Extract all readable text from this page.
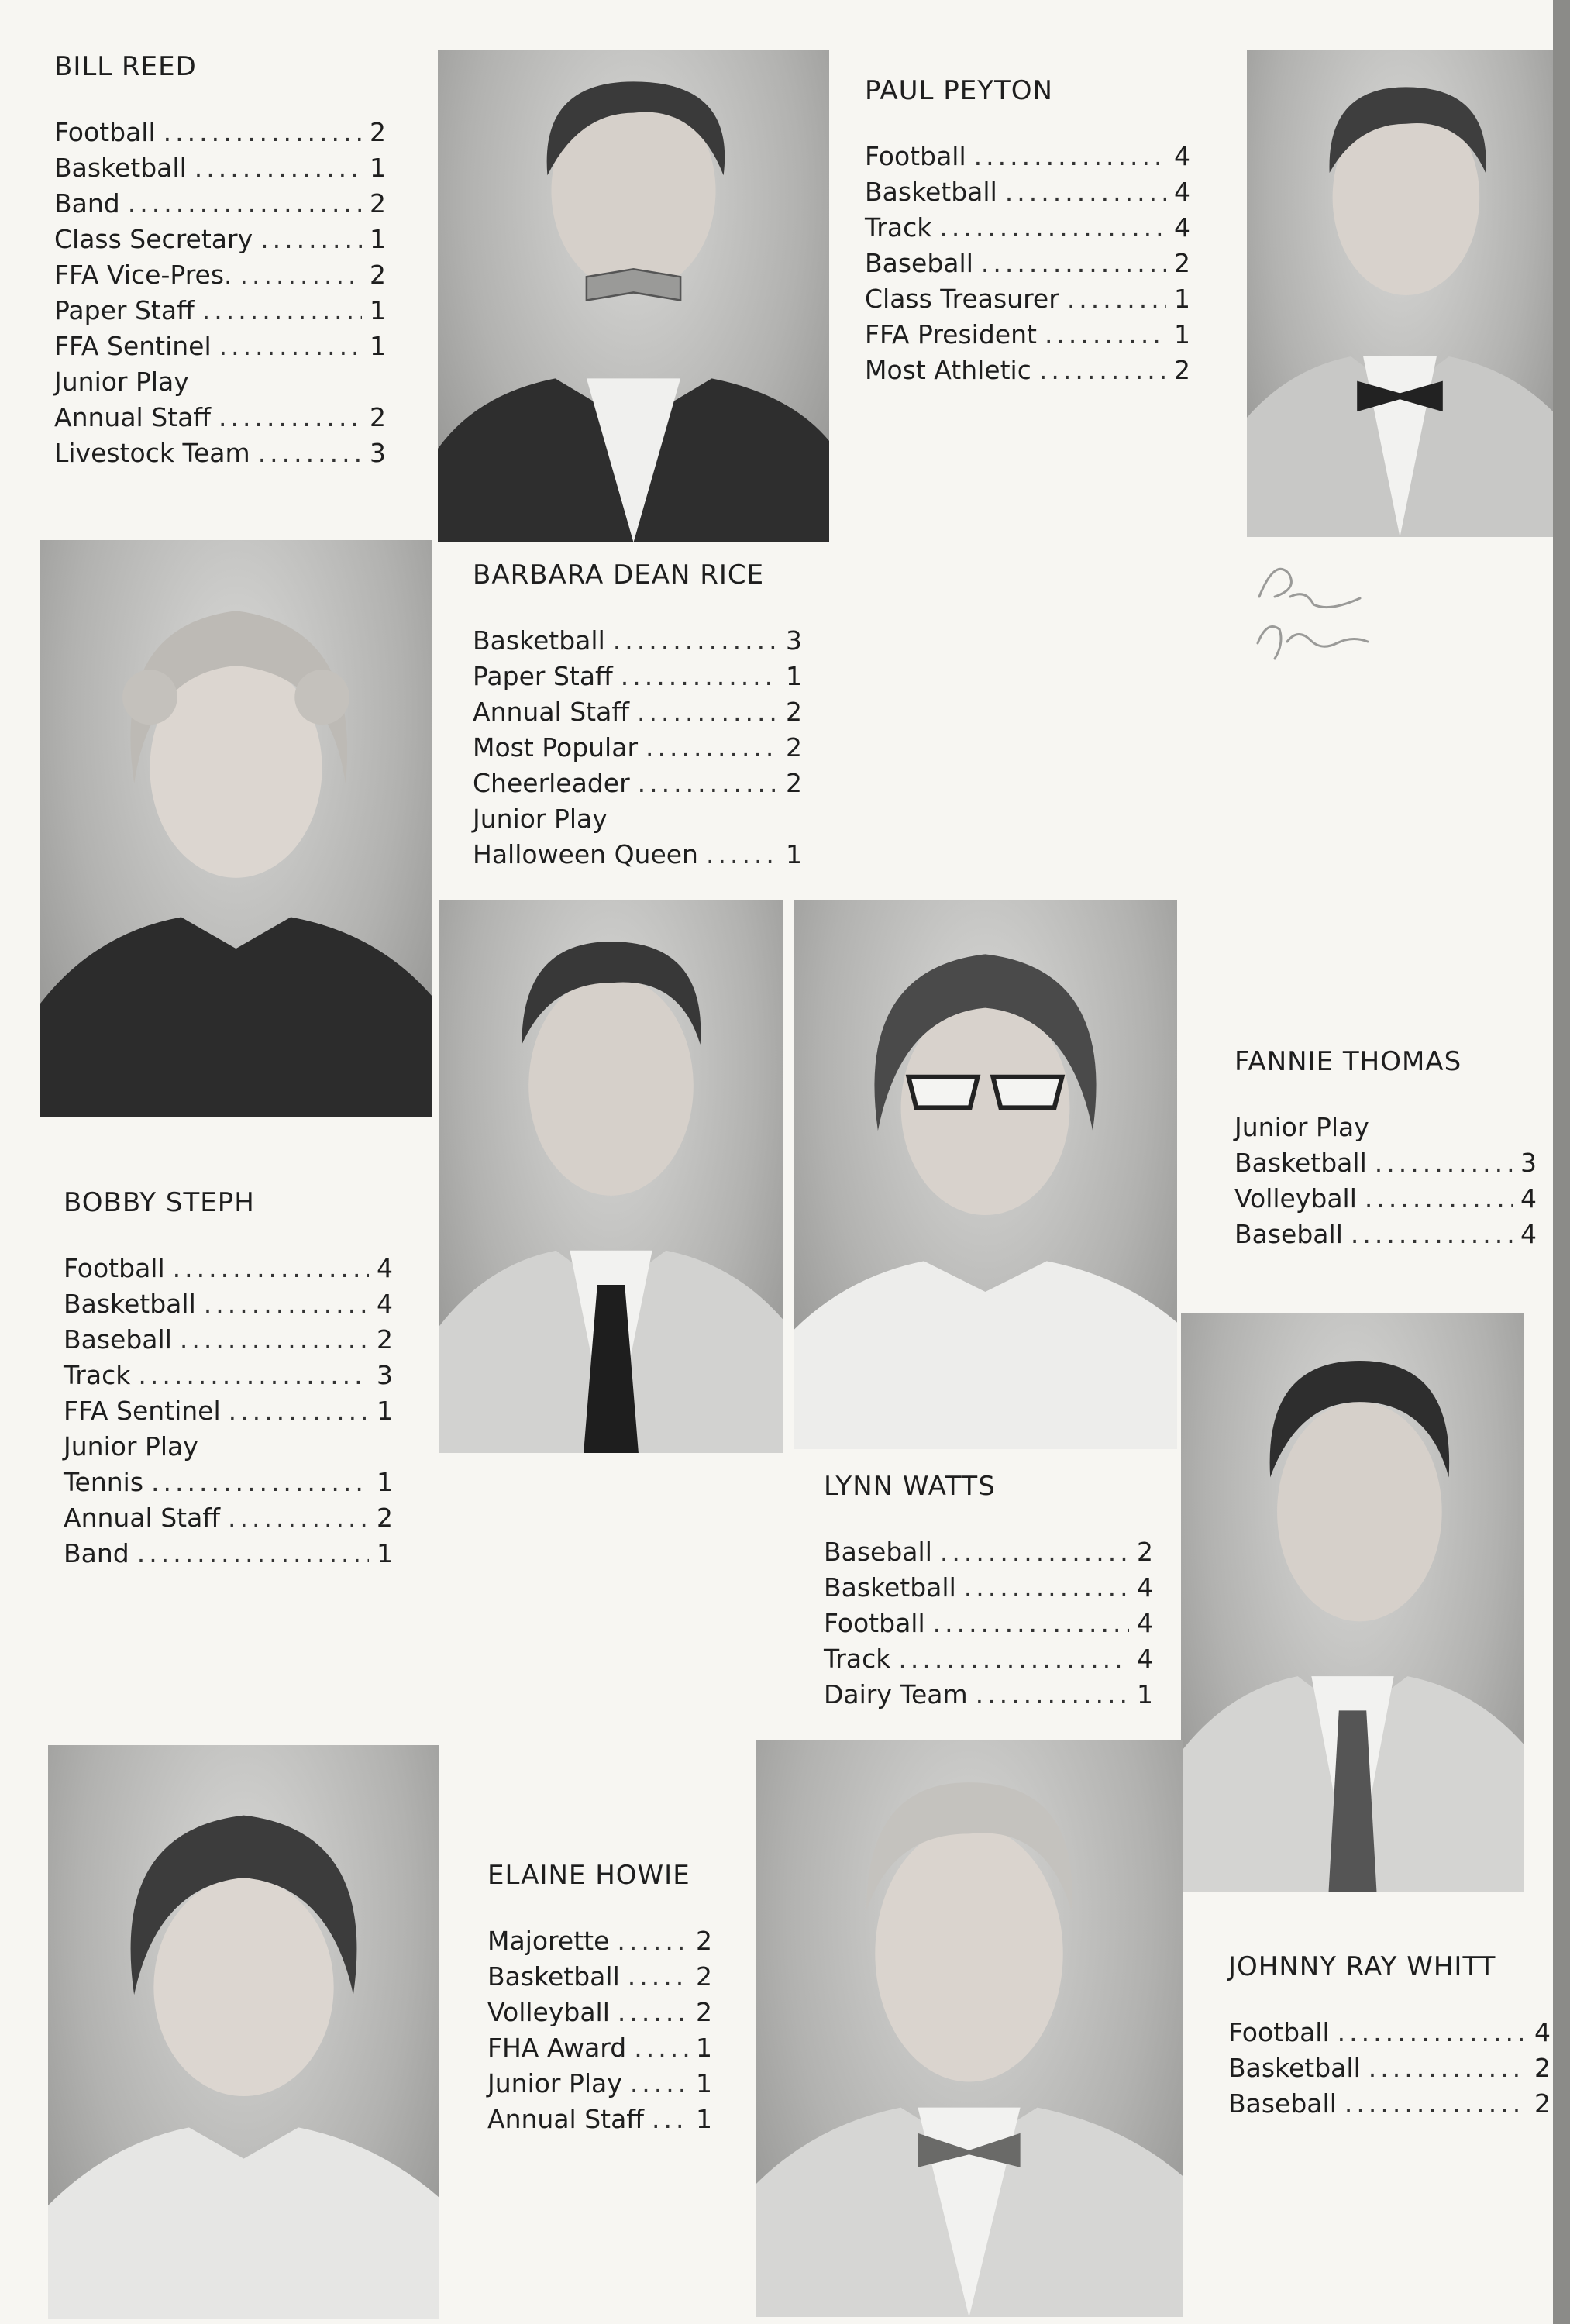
BILL REED
Football .....	2
Basketball .....	1
Band .....	2
Class Secretary .....	1
FFA Vice-Pres. .....	2
Paper Staff .....	1
FFA Sentinel .....	1
Junior Play
Annual Staff .....	2
Livestock Team .....	3
PAUL PEYTON
Football .....	4
Basketball .....	4
Track .....	4
Baseball .....	2
Class Treasurer .....	1
FFA President .....	1
Most Athletic .....	2
BARBARA DEAN RICE
Basketball .....	3
Paper Staff .....	1
Annual Staff .....	2
Most Popular .....	2
Cheerleader .....	2
Junior Play
Halloween Queen .....	1
FANNIE THOMAS
Junior Play
Basketball .....	3
Volleyball .....	4
Baseball .....	4
BOBBY STEPH
Football .....	4
Basketball .....	4
Baseball .....	2
Track .....	3
FFA Sentinel .....	1
Junior Play
Tennis .....	1
Annual Staff .....	2
Band .....	1
LYNN WATTS
Baseball .....	2
Basketball .....	4
Football .....	4
Track .....	4
Dairy Team .....	1
ELAINE HOWIE
Majorette .....	2
Basketball .....	2
Volleyball .....	2
FHA Award .....	1
Junior Play .....	1
Annual Staff ..... 1
JOHNNY RAY WHITT
Football .....	4
Basketball .....	2
Baseball .....	2
